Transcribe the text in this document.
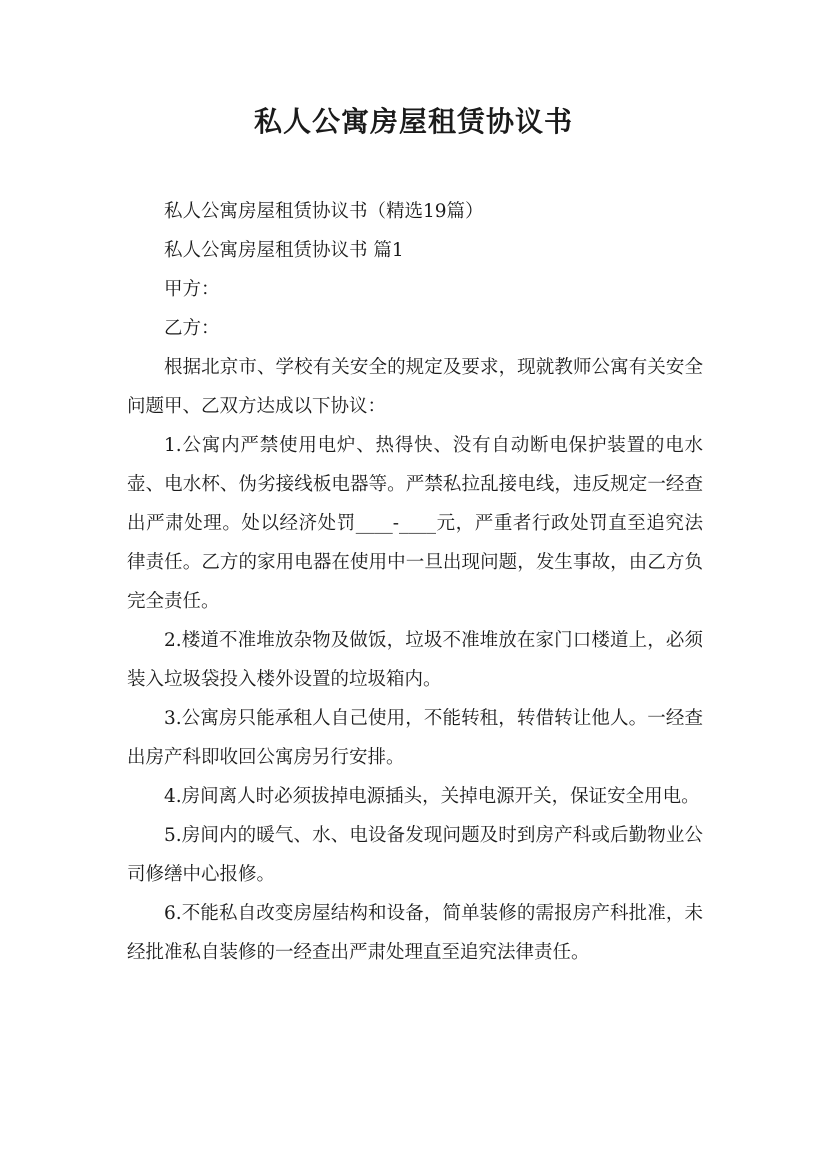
私人公寓房屋租赁协议书

私人公寓房屋租赁协议书（精选19篇）

私人公寓房屋租赁协议书 篇1

甲方：

乙方：

根据北京市、学校有关安全的规定及要求，现就教师公寓有关安全问题甲、乙双方达成以下协议：

1.公寓内严禁使用电炉、热得快、没有自动断电保护装置的电水壶、电水杯、伪劣接线板电器等。严禁私拉乱接电线，违反规定一经查出严肃处理。处以经济处罚____-____元，严重者行政处罚直至追究法律责任。乙方的家用电器在使用中一旦出现问题，发生事故，由乙方负完全责任。

2.楼道不准堆放杂物及做饭，垃圾不准堆放在家门口楼道上，必须装入垃圾袋投入楼外设置的垃圾箱内。

3.公寓房只能承租人自己使用，不能转租，转借转让他人。一经查出房产科即收回公寓房另行安排。

4.房间离人时必须拔掉电源插头，关掉电源开关，保证安全用电。

5.房间内的暖气、水、电设备发现问题及时到房产科或后勤物业公司修缮中心报修。

6.不能私自改变房屋结构和设备，简单装修的需报房产科批准，未经批准私自装修的一经查出严肃处理直至追究法律责任。
